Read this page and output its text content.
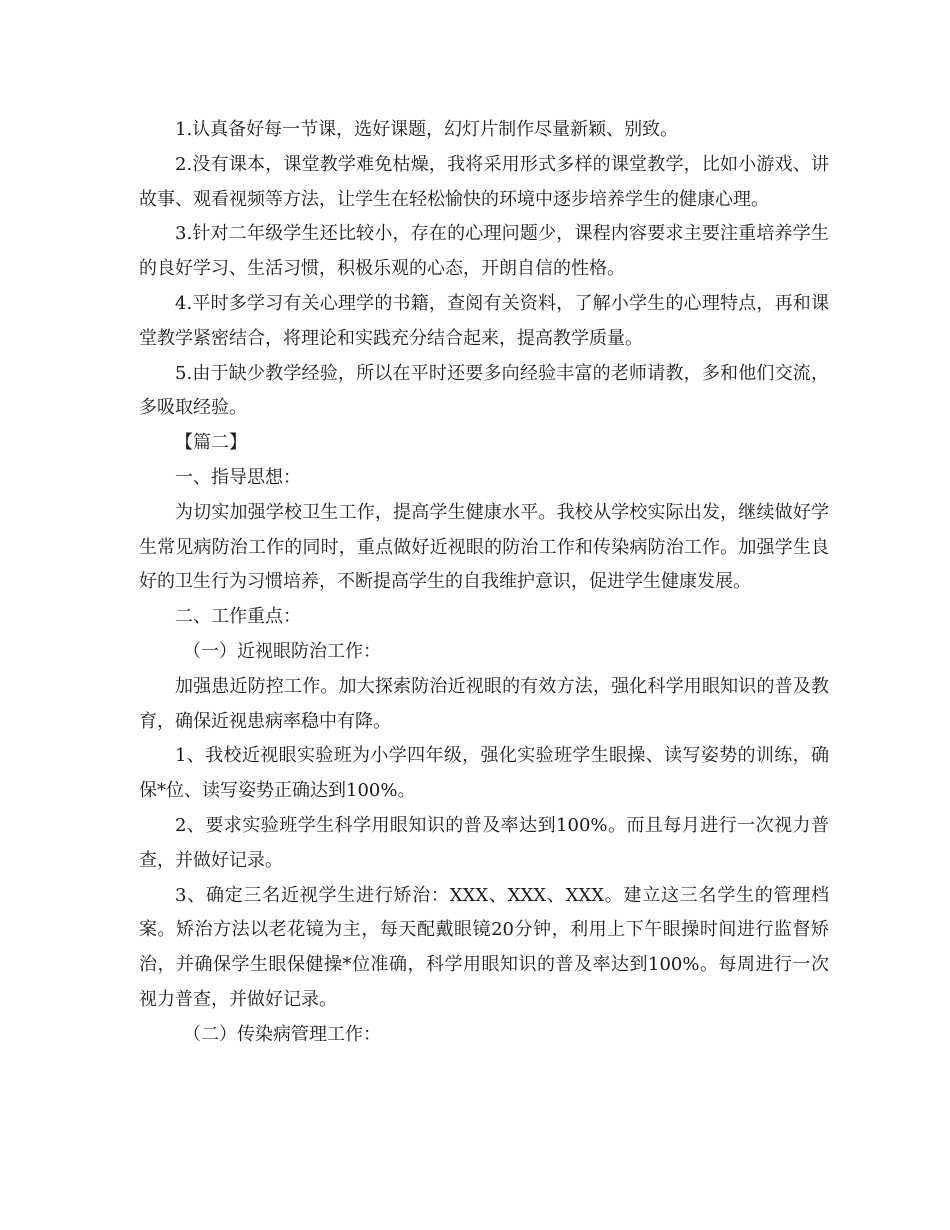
1.认真备好每一节课，选好课题，幻灯片制作尽量新颖、别致。

2.没有课本，课堂教学难免枯燥，我将采用形式多样的课堂教学，比如小游戏、讲故事、观看视频等方法，让学生在轻松愉快的环境中逐步培养学生的健康心理。

3.针对二年级学生还比较小，存在的心理问题少，课程内容要求主要注重培养学生的良好学习、生活习惯，积极乐观的心态，开朗自信的性格。

4.平时多学习有关心理学的书籍，查阅有关资料，了解小学生的心理特点，再和课堂教学紧密结合，将理论和实践充分结合起来，提高教学质量。

5.由于缺少教学经验，所以在平时还要多向经验丰富的老师请教，多和他们交流，多吸取经验。

【篇二】

一、指导思想：

为切实加强学校卫生工作，提高学生健康水平。我校从学校实际出发，继续做好学生常见病防治工作的同时，重点做好近视眼的防治工作和传染病防治工作。加强学生良好的卫生行为习惯培养，不断提高学生的自我维护意识，促进学生健康发展。

二、工作重点：

（一）近视眼防治工作：

加强患近防控工作。加大探索防治近视眼的有效方法，强化科学用眼知识的普及教育，确保近视患病率稳中有降。

1、我校近视眼实验班为小学四年级，强化实验班学生眼操、读写姿势的训练，确保*位、读写姿势正确达到100%。

2、要求实验班学生科学用眼知识的普及率达到100%。而且每月进行一次视力普查，并做好记录。

3、确定三名近视学生进行矫治：XXX、XXX、XXX。建立这三名学生的管理档案。矫治方法以老花镜为主，每天配戴眼镜20分钟，利用上下午眼操时间进行监督矫治，并确保学生眼保健操*位准确，科学用眼知识的普及率达到100%。每周进行一次视力普查，并做好记录。

（二）传染病管理工作：
